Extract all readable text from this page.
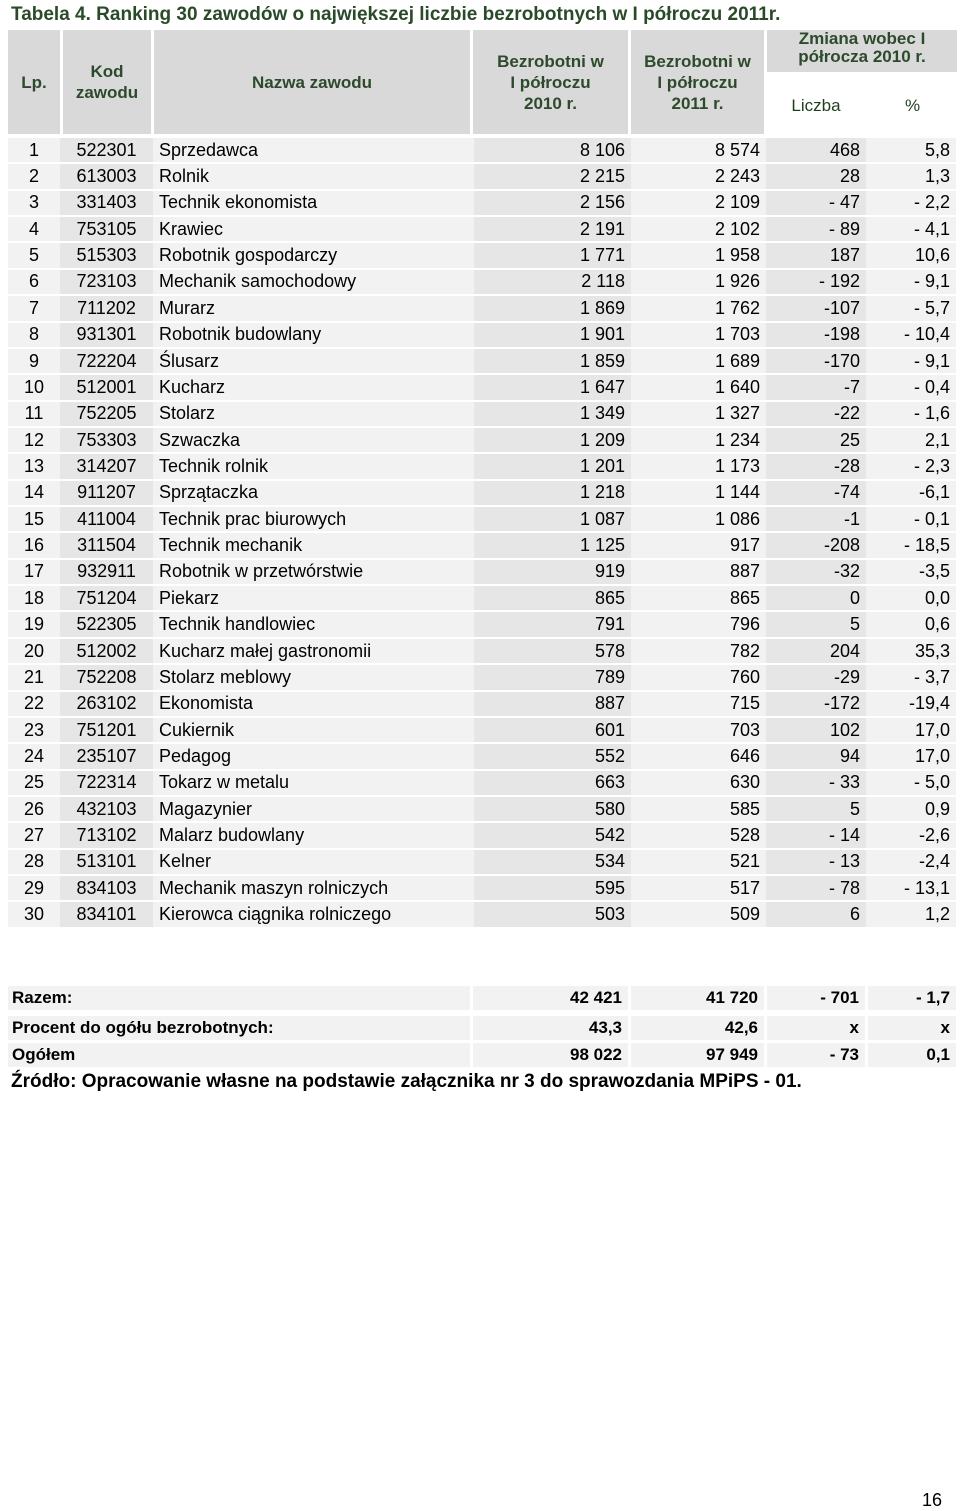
Tabela 4. Ranking 30 zawodów o największej liczbie bezrobotnych w I półroczu 2011r.
Lp.
Kod zawodu
Nazwa zawodu
Bezrobotni w I półroczu 2010 r.
Bezrobotni w I półroczu 2011 r.
Zmiana wobec I półrocza 2010 r.
Liczba	%
1	522301	Sprzedawca	8 106	8 574	468	5,8
2	613003	Rolnik	2 215	2 243	28	1,3
3	331403	Technik ekonomista	2 156	2 109	- 47	- 2,2
4	753105	Krawiec	2 191	2 102	- 89	- 4,1
5	515303	Robotnik gospodarczy	1 771	1 958	187	10,6
6	723103	Mechanik samochodowy	2 118	1 926	- 192	- 9,1
7	711202	Murarz	1 869	1 762	-107	- 5,7
8	931301	Robotnik budowlany	1 901	1 703	-198	- 10,4
9	722204	Ślusarz	1 859	1 689	-170	- 9,1
10	512001	Kucharz	1 647	1 640	-7	- 0,4
11	752205	Stolarz	1 349	1 327	-22	- 1,6
12	753303	Szwaczka	1 209	1 234	25	2,1
13	314207	Technik rolnik	1 201	1 173	-28	- 2,3
14	911207	Sprzątaczka	1 218	1 144	-74	-6,1
15	411004	Technik prac biurowych	1 087	1 086	-1	- 0,1
16	311504	Technik mechanik	1 125	917	-208	- 18,5
17	932911	Robotnik w przetwórstwie	919	887	-32	-3,5
18	751204	Piekarz	865	865	0	0,0
19	522305	Technik handlowiec	791	796	5	0,6
20	512002	Kucharz małej gastronomii	578	782	204	35,3
21	752208	Stolarz meblowy	789	760	-29	- 3,7
22	263102	Ekonomista	887	715	-172	-19,4
23	751201	Cukiernik	601	703	102	17,0
24	235107	Pedagog	552	646	94	17,0
25	722314	Tokarz w metalu	663	630	- 33	- 5,0
26	432103	Magazynier	580	585	5	0,9
27	713102	Malarz budowlany	542	528	- 14	-2,6
28	513101	Kelner	534	521	- 13	-2,4
29	834103	Mechanik maszyn rolniczych	595	517	- 78	- 13,1
30	834101	Kierowca ciągnika rolniczego	503	509	6	1,2
Razem:	42 421	41 720	- 701	- 1,7
Procent do ogółu bezrobotnych:	43,3	42,6	x	x
Ogółem	98 022	97 949	- 73	0,1
Źródło: Opracowanie własne na podstawie załącznika nr 3 do sprawozdania MPiPS - 01.
16
